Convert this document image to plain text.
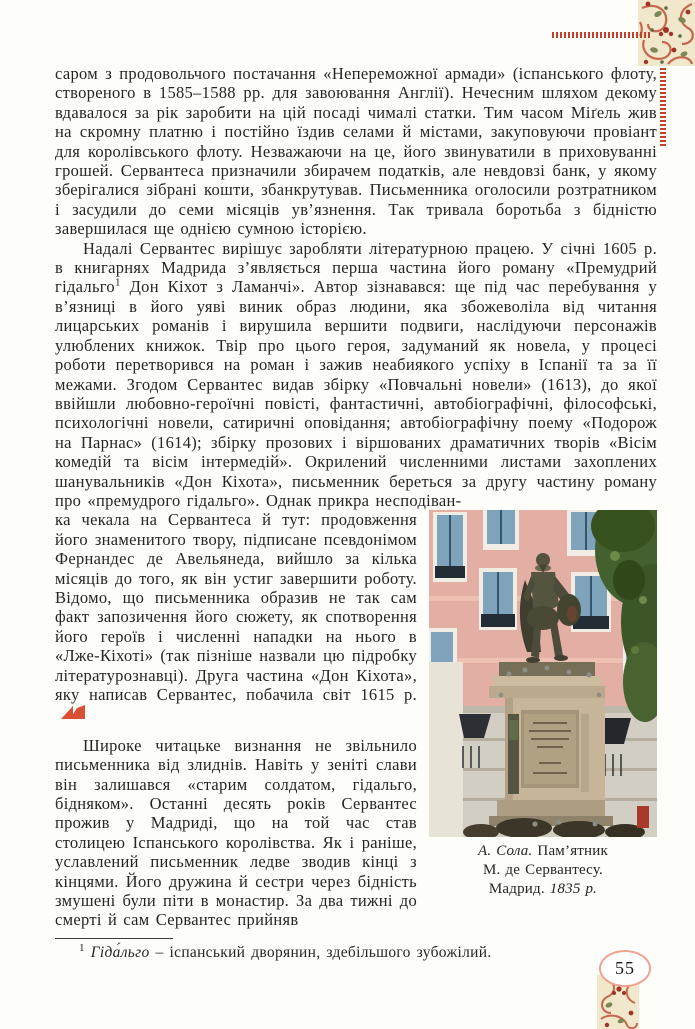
саром з продовольчого постачання «Непереможної армади» (іспанського флоту, створеного в 1585–1588 рр. для завоювання Англії). Нечесним шляхом декому вдавалося за рік заробити на цій посаді чималі статки. Тим часом Міґель жив на скромну платню і постійно їздив селами й містами, закуповуючи провіант для королівського флоту. Незважаючи на це, його звинуватили в приховуванні грошей. Сервантеса призначили збирачем податків, але невдовзі банк, у якому зберігалися зібрані кошти, збанкрутував. Письменника оголосили розтратником і засудили до семи місяців ув’язнення. Так тривала боротьба з бідністю завершилася ще однією сумною історією.

Надалі Сервантес вирішує заробляти літературною працею. У січні 1605 р. в книгарнях Мадрида з’являється перша частина його роману «Премудрий гідальго$^1$ Дон Кіхот з Ламанчі». Автор зізнавався: ще під час перебування у в’язниці в його уяві виник образ людини, яка збожеволіла від читання лицарських романів і вирушила вершити подвиги, наслідуючи персонажів улюблених книжок. Твір про цього героя, задуманий як новела, у процесі роботи перетворився на роман і зажив неабиякого успіху в Іспанії та за її межами. Згодом Сервантес видав збірку «Повчальні новели» (1613), до якої ввійшли любовно-героїчні повісті, фантастичні, автобіографічні, філософські, психологічні новели, сатиричні оповідання; автобіографічну поему «Подорож на Парнас» (1614); збірку прозових і віршованих драматичних творів «Вісім комедій та вісім інтермедій». Окрилений численними листами захоплених шанувальників «Дон Кіхота», письменник береться за другу частину роману про «премудрого гідальго». Однак прикра несподіван-

А. Сола. Пам’ятник
М. де Сервантесу.
Мадрид. 1835 р.

ка чекала на Сервантеса й тут: продовження його знаменитого твору, підписане псевдонімом Фернандес де Авельянеда, вийшло за кілька місяців до того, як він устиг завершити роботу. Відомо, що письменника образив не так сам факт запозичення його сюжету, як спотворення його героїв і численні нападки на нього в «Лже-Кіхоті» (так пізніше назвали цю підробку літературознавці). Друга частина «Дон Кіхота», яку написав Сервантес, побачила світ 1615 р.

Широке читацьке визнання не звільнило письменника від злиднів. Навіть у зеніті слави він залишався «старим солдатом, гідальго, бідняком». Останні десять років Сервантес прожив у Мадриді, що на той час став столицею Іспанського королівства. Як і раніше, уславлений письменник ледве зводив кінці з кінцями. Його дружина й сестри через бідність змушені були піти в монастир. За два тижні до смерті й сам Сервантес прийняв

$^1$ Гіда́льго – іспанський дворянин, здебільшого зубожілий.

55
